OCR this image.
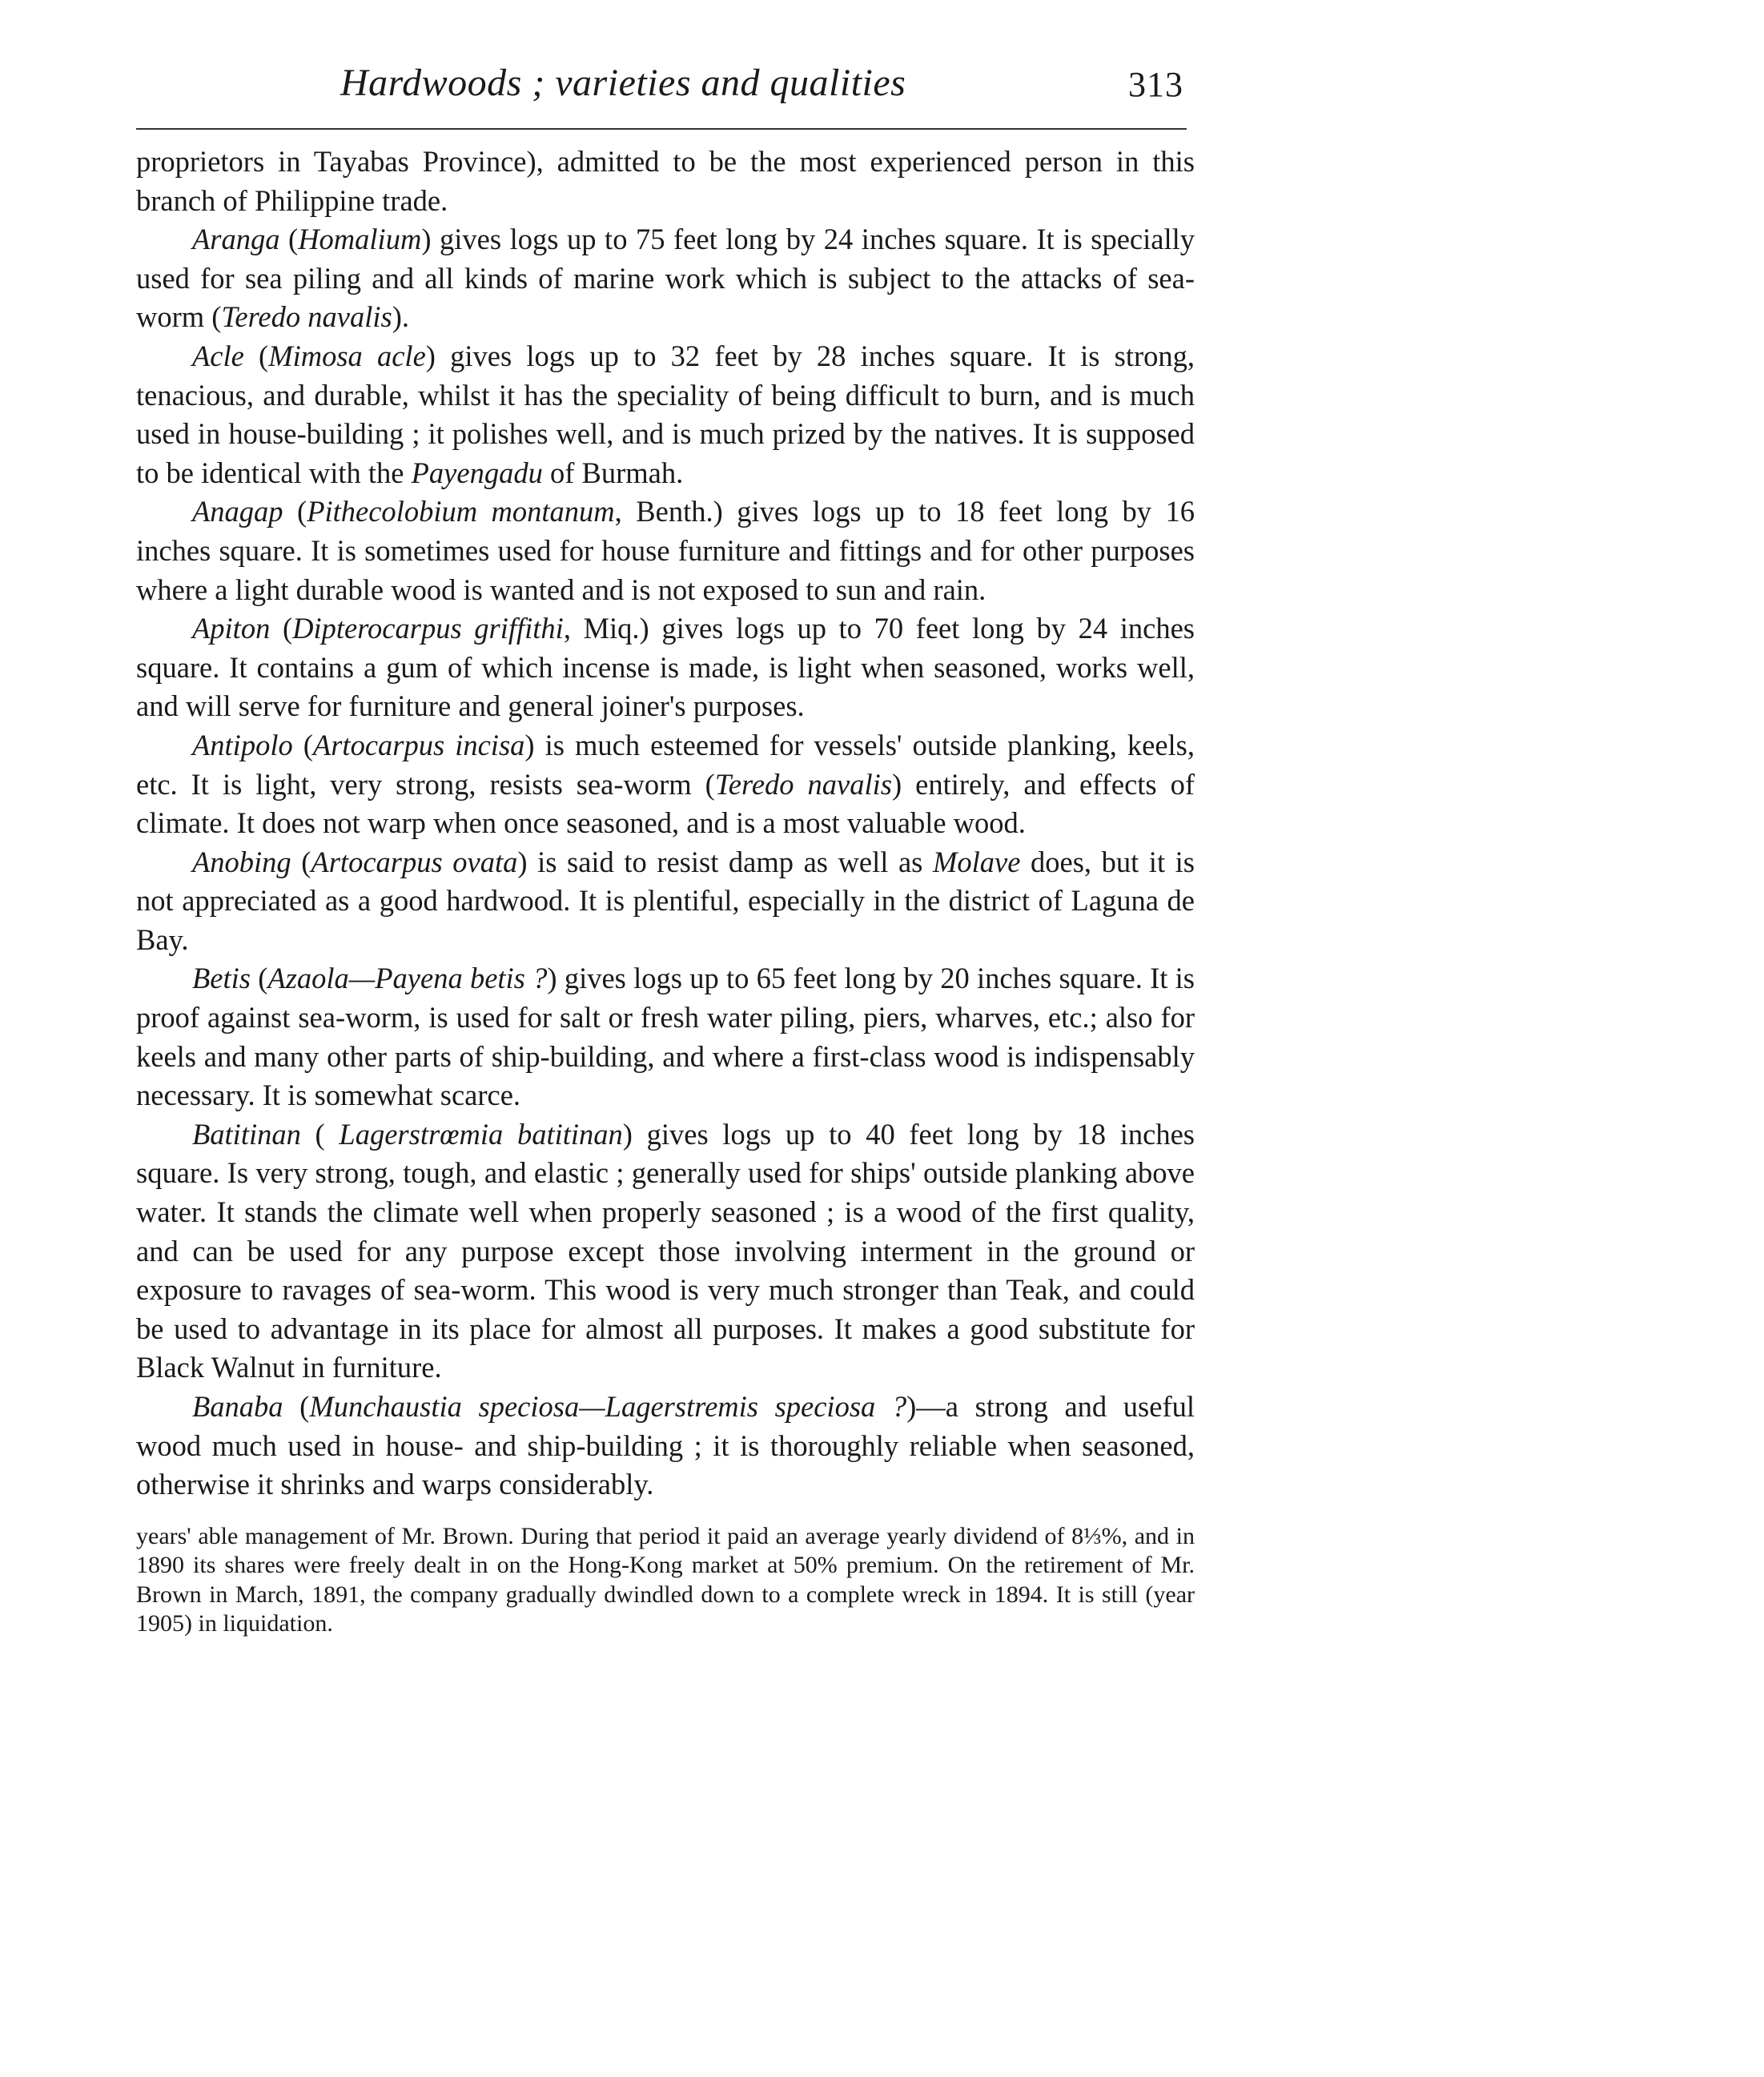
Hardwoods ; varieties and qualities	313

proprietors in Tayabas Province), admitted to be the most experienced person in this branch of Philippine trade.

Aranga (Homalium) gives logs up to 75 feet long by 24 inches square. It is specially used for sea piling and all kinds of marine work which is subject to the attacks of sea-worm (Teredo navalis).

Acle (Mimosa acle) gives logs up to 32 feet by 28 inches square. It is strong, tenacious, and durable, whilst it has the speciality of being difficult to burn, and is much used in house-building ; it polishes well, and is much prized by the natives. It is supposed to be identical with the Payengadu of Burmah.

Anagap (Pithecolobium montanum, Benth.) gives logs up to 18 feet long by 16 inches square. It is sometimes used for house furniture and fittings and for other purposes where a light durable wood is wanted and is not exposed to sun and rain.

Apiton (Dipterocarpus griffithi, Miq.) gives logs up to 70 feet long by 24 inches square. It contains a gum of which incense is made, is light when seasoned, works well, and will serve for furniture and general joiner's purposes.

Antipolo (Artocarpus incisa) is much esteemed for vessels' outside planking, keels, etc. It is light, very strong, resists sea-worm (Teredo navalis) entirely, and effects of climate. It does not warp when once seasoned, and is a most valuable wood.

Anobing (Artocarpus ovata) is said to resist damp as well as Molave does, but it is not appreciated as a good hardwood. It is plentiful, especially in the district of Laguna de Bay.

Betis (Azaola—Payena betis ?) gives logs up to 65 feet long by 20 inches square. It is proof against sea-worm, is used for salt or fresh water piling, piers, wharves, etc.; also for keels and many other parts of ship-building, and where a first-class wood is indispensably necessary. It is somewhat scarce.

Batitinan ( Lagerstrœmia batitinan) gives logs up to 40 feet long by 18 inches square. Is very strong, tough, and elastic ; generally used for ships' outside planking above water. It stands the climate well when properly seasoned ; is a wood of the first quality, and can be used for any purpose except those involving interment in the ground or exposure to ravages of sea-worm. This wood is very much stronger than Teak, and could be used to advantage in its place for almost all purposes. It makes a good substitute for Black Walnut in furniture.

Banaba (Munchaustia speciosa—Lagerstremis speciosa ?)—a strong and useful wood much used in house- and ship-building ; it is thoroughly reliable when seasoned, otherwise it shrinks and warps considerably.

years' able management of Mr. Brown. During that period it paid an average yearly dividend of 8⅓%, and in 1890 its shares were freely dealt in on the Hong-Kong market at 50% premium. On the retirement of Mr. Brown in March, 1891, the company gradually dwindled down to a complete wreck in 1894. It is still (year 1905) in liquidation.
